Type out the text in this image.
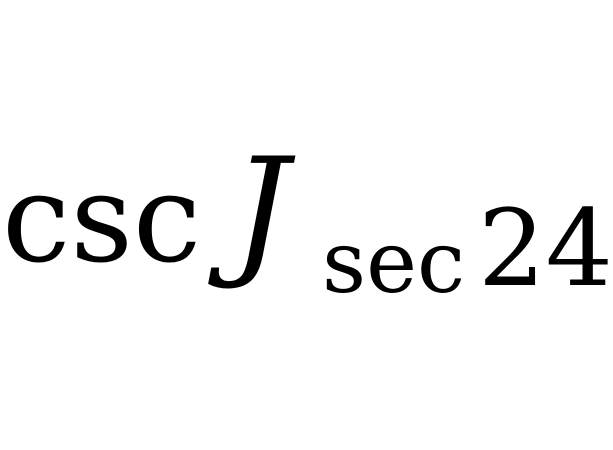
csc J sec 24
